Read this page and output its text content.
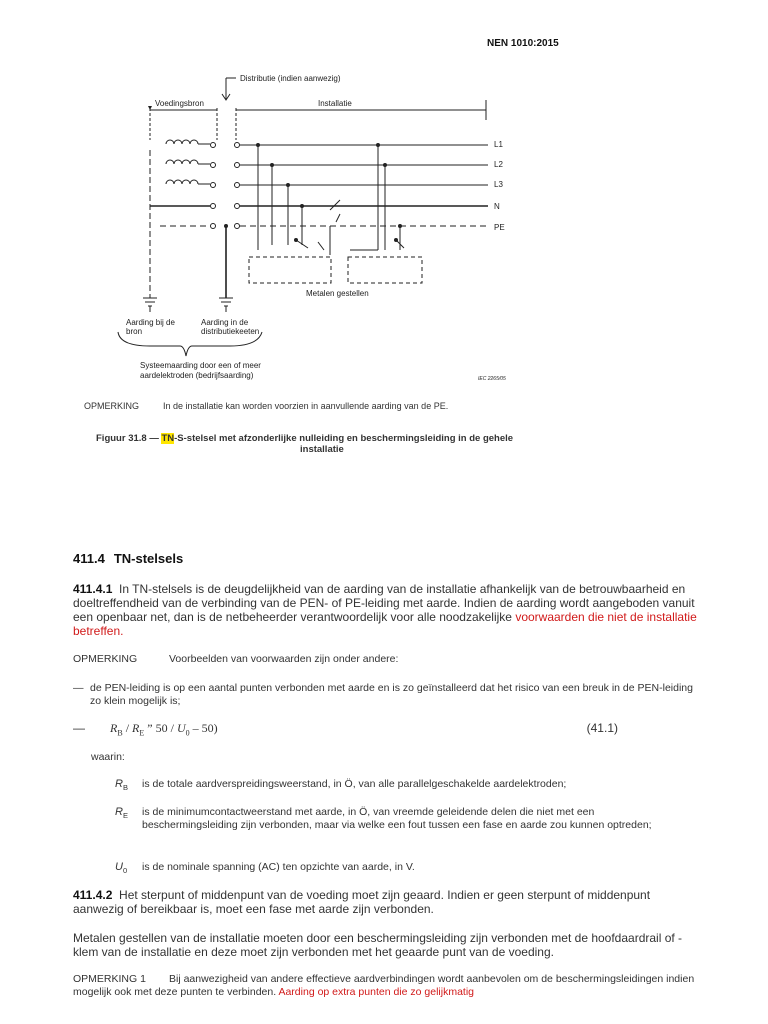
NEN 1010:2015
Distributie (indien aanwezig)
Voedingsbron	Installatie
L1
L2
L3
N
PE
Metalen gestellen
Aarding bij de
bron
Aarding in de
distributiekeeten
Systeemaarding door een of meer
aardelektroden (bedrijfsaarding)	IEC 2265/05
OPMERKING	In de installatie kan worden voorzien in aanvullende aarding van de PE.
Figuur 31.8 — TN-S-stelsel met afzonderlijke nulleiding en beschermingsleiding in de gehele
installatie
411.4 TN-stelsels
411.4.1 In TN-stelsels is de deugdelijkheid van de aarding van de installatie afhankelijk van de betrouwbaarheid en doeltreffendheid van de verbinding van de PEN- of PE-leiding met aarde. Indien de aarding wordt aangeboden vanuit een openbaar net, dan is de netbeheerder verantwoordelijk voor alle noodzakelijke voorwaarden die niet de installatie betreffen.
OPMERKING	Voorbeelden van voorwaarden zijn onder andere:
— de PEN-leiding is op een aantal punten verbonden met aarde en is zo geïnstalleerd dat het risico van een breuk in de PEN-leiding zo klein mogelijk is;
— $R_B / R_E$ ” $50 / U_0 - 50$)	(41.1)
waarin:
$R_B$ is de totale aardverspreidingsweerstand, in Ö, van alle parallelgeschakelde aardelektroden;
$R_E$ is de minimumcontactweerstand met aarde, in Ö, van vreemde geleidende delen die niet met een beschermingsleiding zijn verbonden, maar via welke een fout tussen een fase en aarde zou kunnen optreden;
$U_0$ is de nominale spanning (AC) ten opzichte van aarde, in V.
411.4.2 Het sterpunt of middenpunt van de voeding moet zijn geaard. Indien er geen sterpunt of middenpunt aanwezig of bereikbaar is, moet een fase met aarde zijn verbonden.
Metalen gestellen van de installatie moeten door een beschermingsleiding zijn verbonden met de hoofdaardrail of -klem van de installatie en deze moet zijn verbonden met het geaarde punt van de voeding.
OPMERKING 1 Bij aanwezigheid van andere effectieve aardverbindingen wordt aanbevolen om de beschermingsleidingen indien mogelijk ook met deze punten te verbinden. Aarding op extra punten die zo gelijkmatig
